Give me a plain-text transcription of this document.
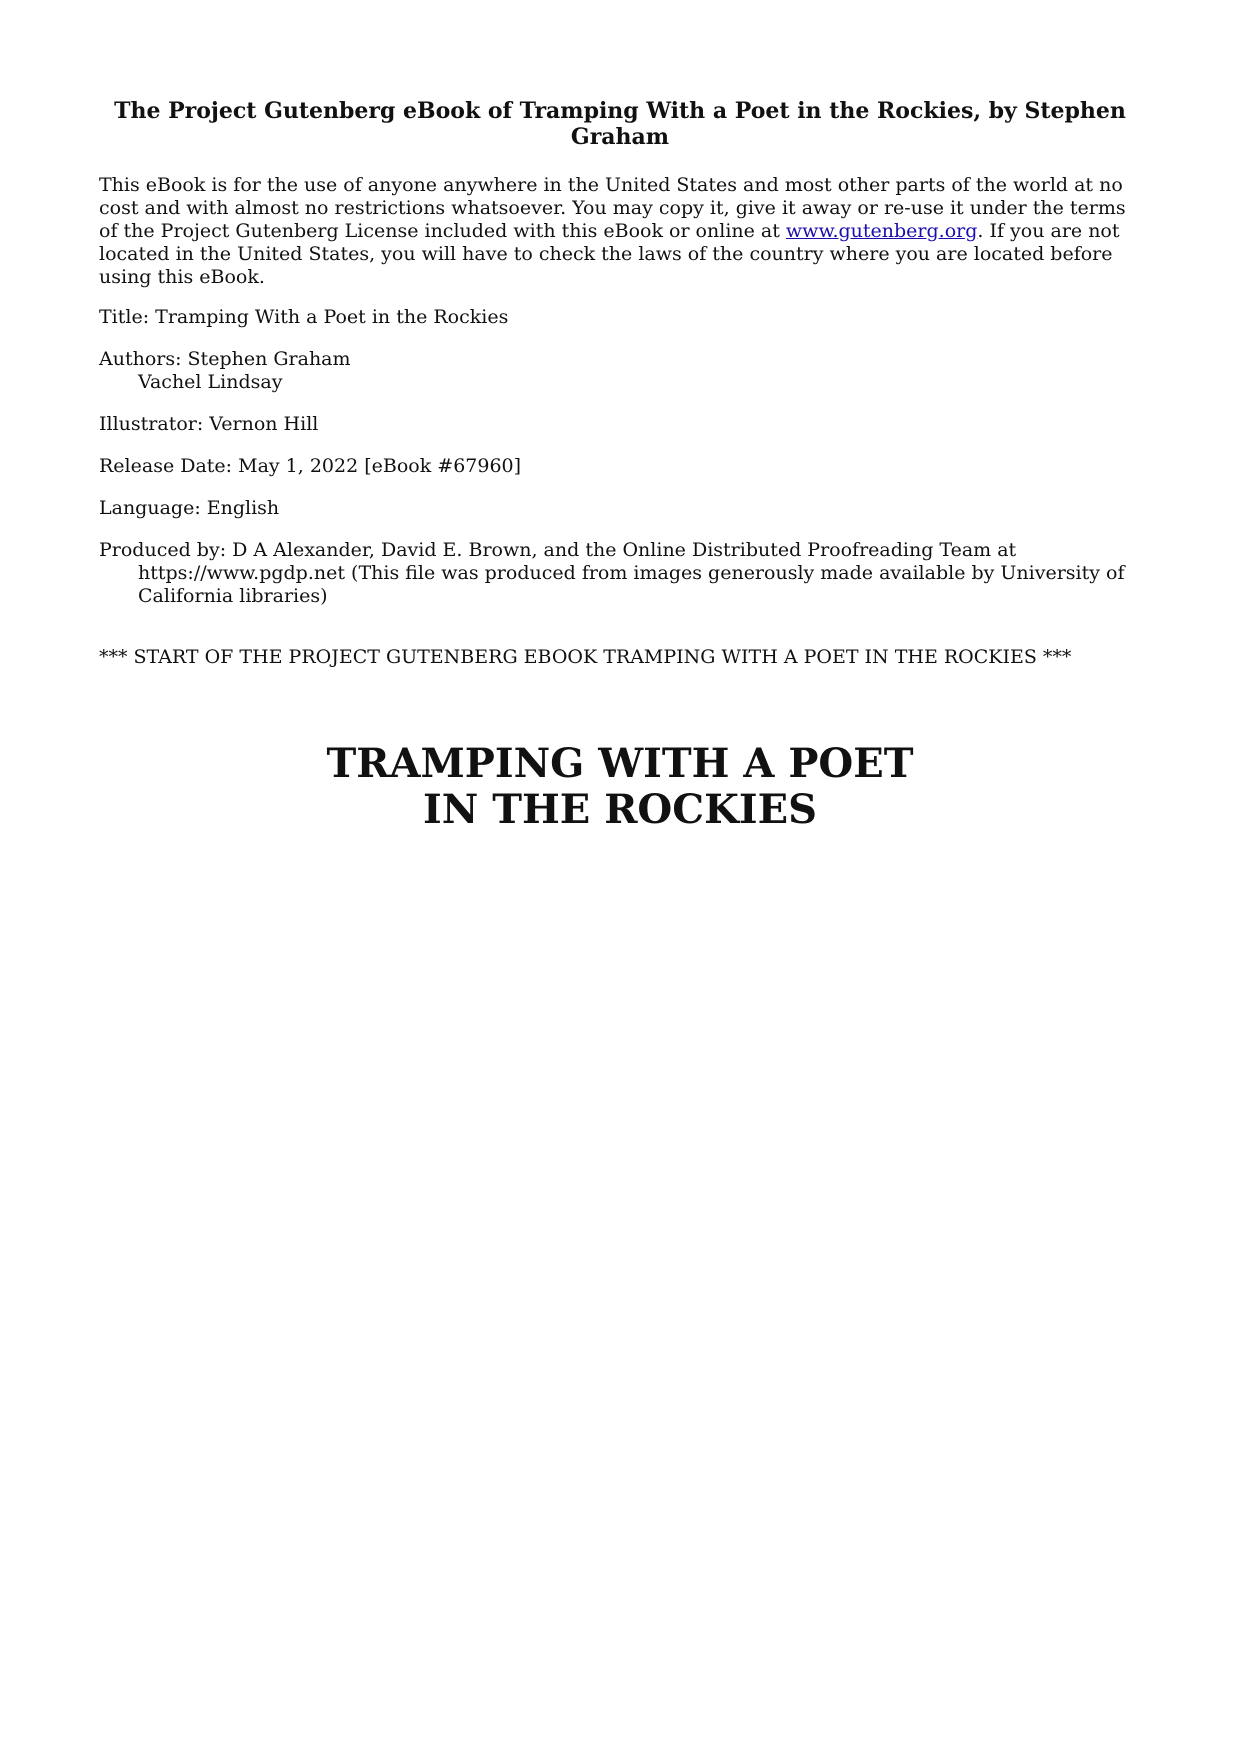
The Project Gutenberg eBook of Tramping With a Poet in the Rockies, by Stephen Graham

This eBook is for the use of anyone anywhere in the United States and most other parts of the world at no cost and with almost no restrictions whatsoever. You may copy it, give it away or re-use it under the terms of the Project Gutenberg License included with this eBook or online at www.gutenberg.org. If you are not located in the United States, you will have to check the laws of the country where you are located before using this eBook.

Title: Tramping With a Poet in the Rockies

Authors: Stephen Graham

Vachel Lindsay

Illustrator: Vernon Hill

Release Date: May 1, 2022 [eBook #67960]

Language: English

Produced by: D A Alexander, David E. Brown, and the Online Distributed Proofreading Team at https://www.pgdp.net (This file was produced from images generously made available by University of California libraries)

*** START OF THE PROJECT GUTENBERG EBOOK TRAMPING WITH A POET IN THE ROCKIES ***

TRAMPING WITH A POET
IN THE ROCKIES
